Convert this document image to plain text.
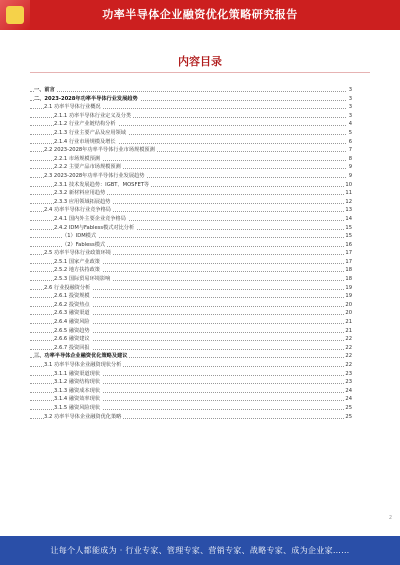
功率半导体企业融资优化策略研究报告
内容目录
一、前言	3
二、2023-2028年功率半导体行业发展趋势	3
2.1 功率半导体行业概况	3
2.1.1 功率半导体行业定义及分类	3
2.1.2 行业产业链结构分析	4
2.1.3 行业主要产品及应用领域	5
2.1.4 行业市场规模及增长	6
2.2 2023-2028年功率半导体行业市场规模预测	7
2.2.1 市场规模预测	8
2.2.2 主要产品市场规模预测	9
2.3 2023-2028年功率半导体行业发展趋势	9
2.3.1 技术发展趋势：IGBT、MOSFET等	10
2.3.2 新材料应用趋势	11
2.3.3 应用领域拓展趋势	12
2.4 功率半导体行业竞争格局	13
2.4.1 国内外主要企业竞争格局	14
2.4.2 IDM与Fabless模式对比分析	15
（1）IDM模式	15
（2）Fabless模式	16
2.5 功率半导体行业政策环境	17
2.5.1 国家产业政策	17
2.5.2 地方扶持政策	18
2.5.3 国际贸易环境影响	18
2.6 行业投融资分析	19
2.6.1 投资规模	19
2.6.2 投资热点	20
2.6.3 融资渠道	20
2.6.4 融资风险	21
2.6.5 融资趋势	21
2.6.6 融资建议	22
2.6.7 投资回报	22
三、功率半导体企业融资优化策略及建议	22
3.1 功率半导体企业融资现状分析	22
3.1.1 融资渠道现状	23
3.1.2 融资结构现状	23
3.1.3 融资成本现状	24
3.1.4 融资效率现状	24
3.1.5 融资风险现状	25
3.2 功率半导体企业融资优化策略	25
2
让每个人都能成为 · 行业专家、管理专家、营销专家、战略专家、成为企业家……
